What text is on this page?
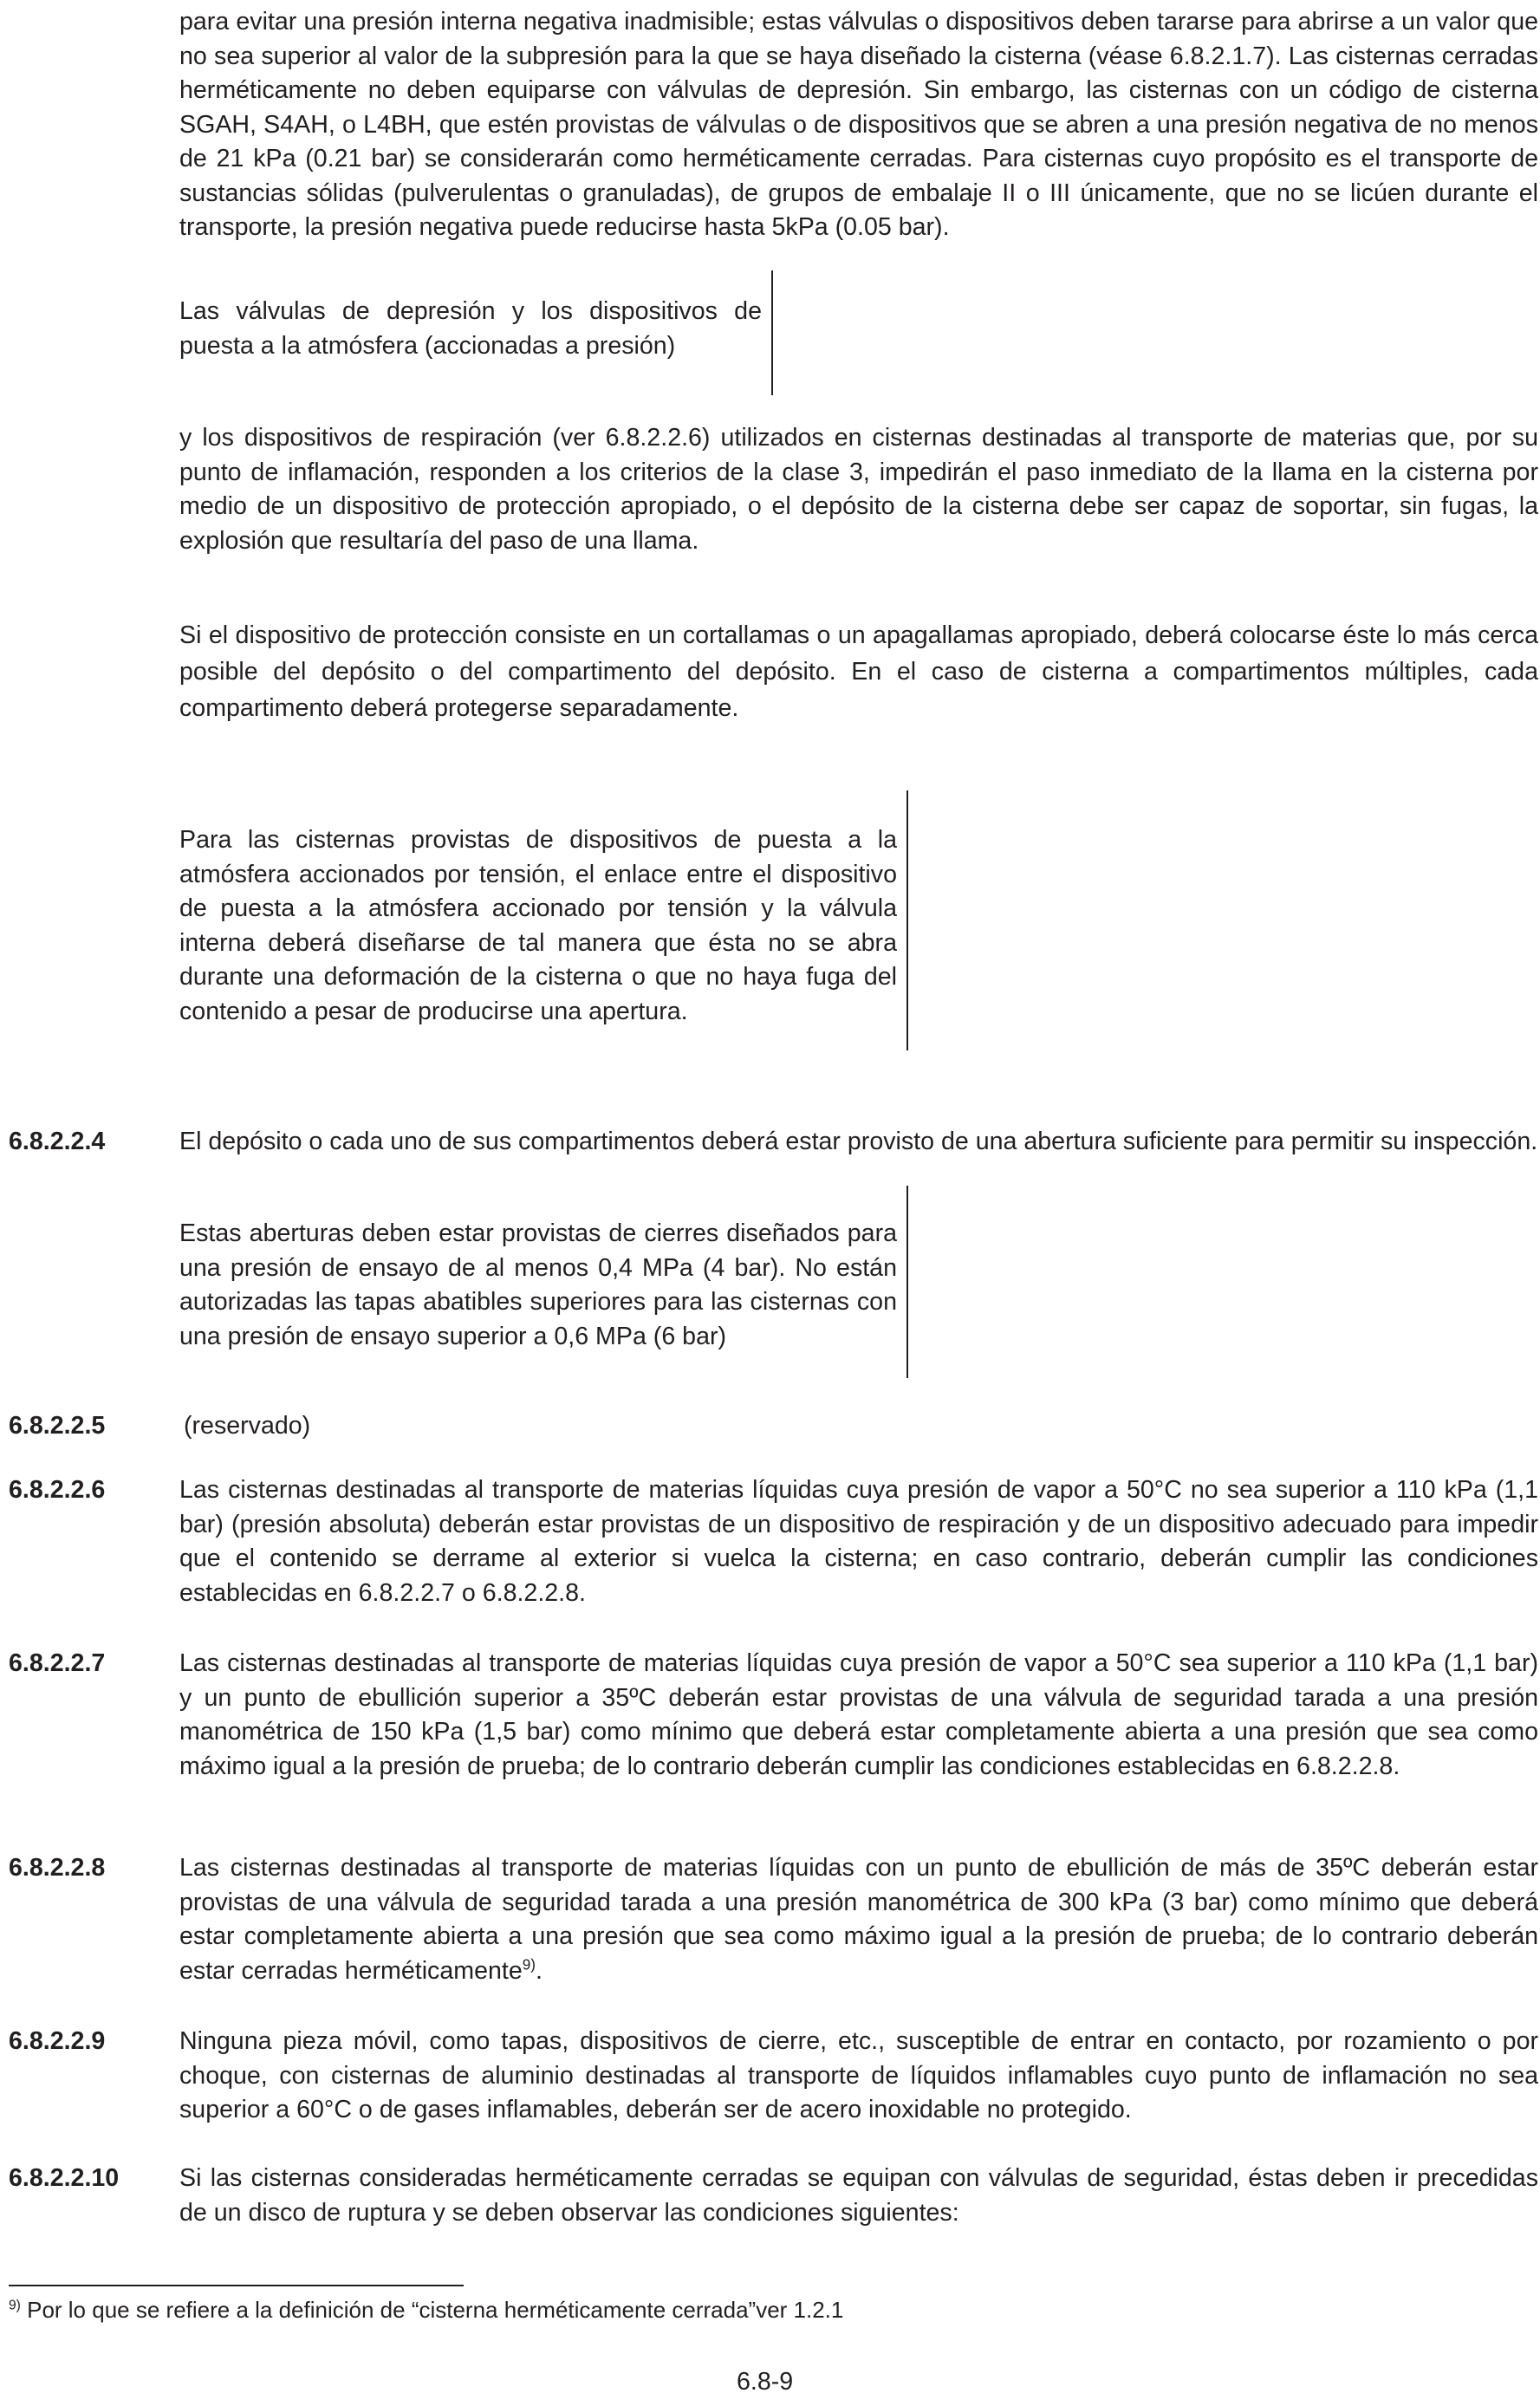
para evitar una presión interna negativa inadmisible; estas válvulas o dispositivos deben tararse para abrirse a un valor que no sea superior al valor de la subpresión para la que se haya diseñado la cisterna (véase 6.8.2.1.7). Las cisternas cerradas herméticamente no deben equiparse con válvulas de depresión. Sin embargo, las cisternas con un código de cisterna SGAH, S4AH, o L4BH, que estén provistas de válvulas o de dispositivos que se abren a una presión negativa de no menos de 21 kPa (0.21 bar) se considerarán como herméticamente cerradas. Para cisternas cuyo propósito es el transporte de sustancias sólidas (pulverulentas o granuladas), de grupos de embalaje II o III únicamente, que no se licúen durante el transporte, la presión negativa puede reducirse hasta 5kPa (0.05 bar).

Las válvulas de depresión y los dispositivos de puesta a la atmósfera (accionadas a presión)

y los dispositivos de respiración (ver 6.8.2.2.6) utilizados en cisternas destinadas al transporte de materias que, por su punto de inflamación, responden a los criterios de la clase 3, impedirán el paso inmediato de la llama en la cisterna por medio de un dispositivo de protección apropiado, o el depósito de la cisterna debe ser capaz de soportar, sin fugas, la explosión que resultaría del paso de una llama.

Si el dispositivo de protección consiste en un cortallamas o un apagallamas apropiado, deberá colocarse éste lo más cerca posible del depósito o del compartimento del depósito. En el caso de cisterna a compartimentos múltiples, cada compartimento deberá protegerse separadamente.

Para las cisternas provistas de dispositivos de puesta a la atmósfera accionados por tensión, el enlace entre el dispositivo de puesta a la atmósfera accionado por tensión y la válvula interna deberá diseñarse de tal manera que ésta no se abra durante una deformación de la cisterna o que no haya fuga del contenido a pesar de producirse una apertura.

6.8.2.2.4	El depósito o cada uno de sus compartimentos deberá estar provisto de una abertura suficiente para permitir su inspección.

Estas aberturas deben estar provistas de cierres diseñados para una presión de ensayo de al menos 0,4 MPa (4 bar). No están autorizadas las tapas abatibles superiores para las cisternas con una presión de ensayo superior a 0,6 MPa (6 bar)

6.8.2.2.5	(reservado)

6.8.2.2.6	Las cisternas destinadas al transporte de materias líquidas cuya presión de vapor a 50°C no sea superior a 110 kPa (1,1 bar) (presión absoluta) deberán estar provistas de un dispositivo de respiración y de un dispositivo adecuado para impedir que el contenido se derrame al exterior si vuelca la cisterna; en caso contrario, deberán cumplir las condiciones establecidas en 6.8.2.2.7 o 6.8.2.2.8.

6.8.2.2.7	Las cisternas destinadas al transporte de materias líquidas cuya presión de vapor a 50°C sea superior a 110 kPa (1,1 bar) y un punto de ebullición superior a 35ºC deberán estar provistas de una válvula de seguridad tarada a una presión manométrica de 150 kPa (1,5 bar) como mínimo que deberá estar completamente abierta a una presión que sea como máximo igual a la presión de prueba; de lo contrario deberán cumplir las condiciones establecidas en 6.8.2.2.8.

6.8.2.2.8	Las cisternas destinadas al transporte de materias líquidas con un punto de ebullición de más de 35ºC deberán estar provistas de una válvula de seguridad tarada a una presión manométrica de 300 kPa (3 bar) como mínimo que deberá estar completamente abierta a una presión que sea como máximo igual a la presión de prueba; de lo contrario deberán estar cerradas herméticamente$^{9)}$.

6.8.2.2.9	Ninguna pieza móvil, como tapas, dispositivos de cierre, etc., susceptible de entrar en contacto, por rozamiento o por choque, con cisternas de aluminio destinadas al transporte de líquidos inflamables cuyo punto de inflamación no sea superior a 60°C o de gases inflamables, deberán ser de acero inoxidable no protegido.

6.8.2.2.10 Si las cisternas consideradas herméticamente cerradas se equipan con válvulas de seguridad, éstas deben ir precedidas de un disco de ruptura y se deben observar las condiciones siguientes:

$^{9)}$ Por lo que se refiere a la definición de “cisterna herméticamente cerrada”ver 1.2.1

6.8-9
